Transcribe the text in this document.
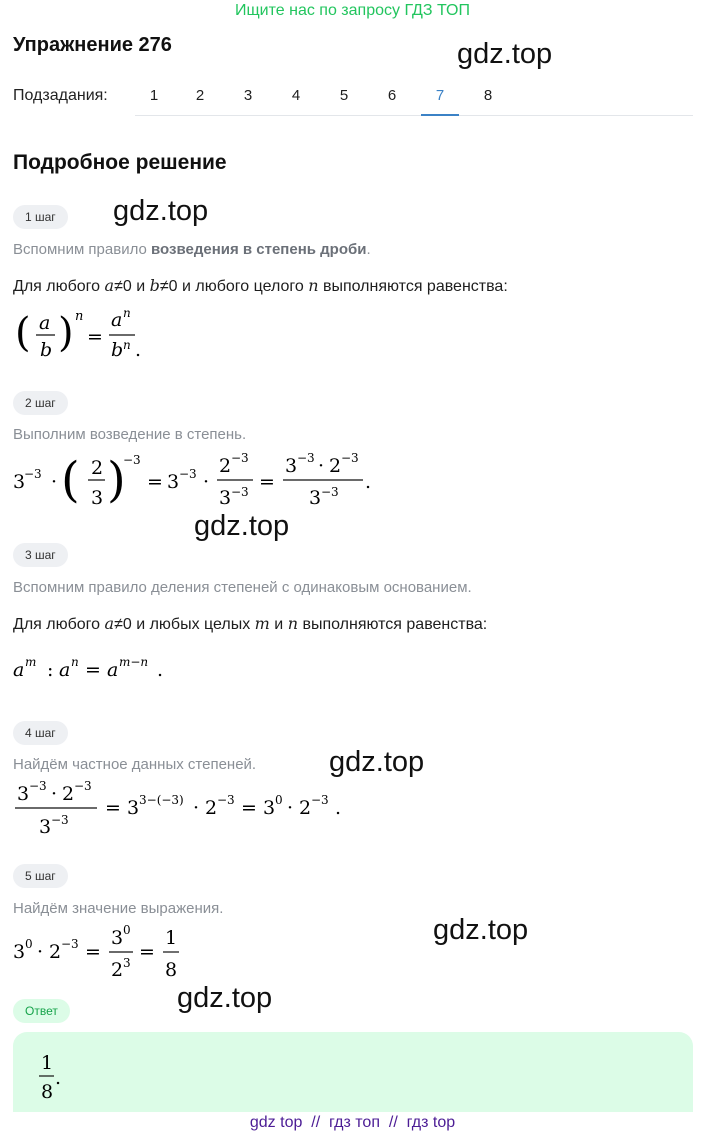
Ищите нас по запросу ГДЗ ТОП
Упражнение 276	gdz.top
Подзадания:	1	2	3	4	5	6	7	8
Подробное решение
1 шаг	gdz.top
Вспомним правило возведения в степень дроби.
Для любого a≠0 и b≠0 и любого целого n выполняются равенства:
( a
b ) n
=
a n
b n .
2 шаг
Выполним возведение в степень.
3
−3 · ( 2
3 )
−3
= 3 −3 ·
2 −3
3 −3 =
3 −3 · 2 −3
3 −3 .
gdz.top
3 шаг
Вспомним правило деления степеней с одинаковым основанием.
Для любого a≠0 и любых целых m и n выполняются равенства:
a m : a n = a m−n .
4 шаг
Найдём частное данных степеней.	gdz.top
3 −3 · 2 −3
3 −3
= 3 3−(−3) · 2 −3 = 3 0 · 2 −3 .
5 шаг
Найдём значение выражения.
gdz.top
3 0 · 2 −3 =
3 0
2 3 =
1
8
gdz.top
Ответ
1
8
.
gdz top  //  гдз топ  //  гдз top
